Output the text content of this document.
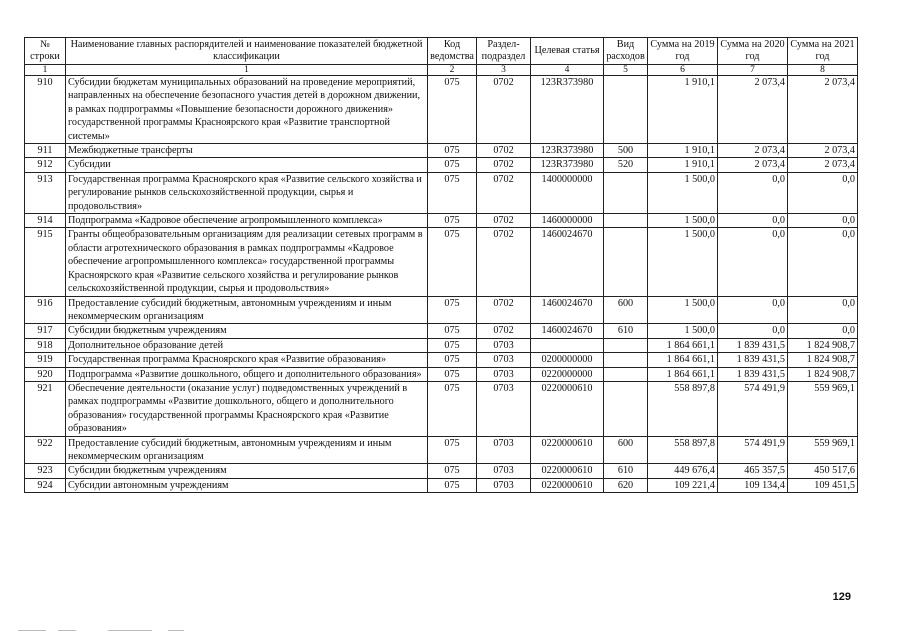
№ строки	Наименование главных распорядителей и наименование показателей бюджетной классификации	Код ведомства	Раздел-подраздел	Целевая статья	Вид расходов	Сумма на 2019 год	Сумма на 2020 год	Сумма на 2021 год
1	1	2	3	4	5	6	7	8
910	Субсидии бюджетам муниципальных образований на проведение мероприятий, направленных на обеспечение безопасного участия детей в дорожном движении, в рамках подпрограммы «Повышение безопасности дорожного движения» государственной программы Красноярского края «Развитие транспортной системы»	075	0702	123R373980		1 910,1	2 073,4	2 073,4
911	Межбюджетные трансферты	075	0702	123R373980	500	1 910,1	2 073,4	2 073,4
912	Субсидии	075	0702	123R373980	520	1 910,1	2 073,4	2 073,4
913	Государственная программа Красноярского края «Развитие сельского хозяйства и регулирование рынков сельскохозяйственной продукции, сырья и продовольствия»	075	0702	1400000000		1 500,0	0,0	0,0
914	Подпрограмма «Кадровое обеспечение агропромышленного комплекса»	075	0702	1460000000		1 500,0	0,0	0,0
915	Гранты общеобразовательным организациям для реализации сетевых программ в области агротехнического образования в рамках подпрограммы «Кадровое обеспечение агропромышленного комплекса» государственной программы Красноярского края «Развитие сельского хозяйства и регулирование рынков сельскохозяйственной продукции, сырья и продовольствия»	075	0702	1460024670		1 500,0	0,0	0,0
916	Предоставление субсидий бюджетным, автономным учреждениям и иным некоммерческим организациям	075	0702	1460024670	600	1 500,0	0,0	0,0
917	Субсидии бюджетным учреждениям	075	0702	1460024670	610	1 500,0	0,0	0,0
918	Дополнительное образование детей	075	0703			1 864 661,1	1 839 431,5	1 824 908,7
919	Государственная программа Красноярского края «Развитие образования»	075	0703	0200000000		1 864 661,1	1 839 431,5	1 824 908,7
920	Подпрограмма «Развитие дошкольного, общего и дополнительного образования»	075	0703	0220000000		1 864 661,1	1 839 431,5	1 824 908,7
921	Обеспечение деятельности (оказание услуг) подведомственных учреждений в рамках подпрограммы «Развитие дошкольного, общего и дополнительного образования» государственной программы Красноярского края «Развитие образования»	075	0703	0220000610		558 897,8	574 491,9	559 969,1
922	Предоставление субсидий бюджетным, автономным учреждениям и иным некоммерческим организациям	075	0703	0220000610	600	558 897,8	574 491,9	559 969,1
923	Субсидии бюджетным учреждениям	075	0703	0220000610	610	449 676,4	465 357,5	450 517,6
924	Субсидии автономным учреждениям	075	0703	0220000610	620	109 221,4	109 134,4	109 451,5
129
